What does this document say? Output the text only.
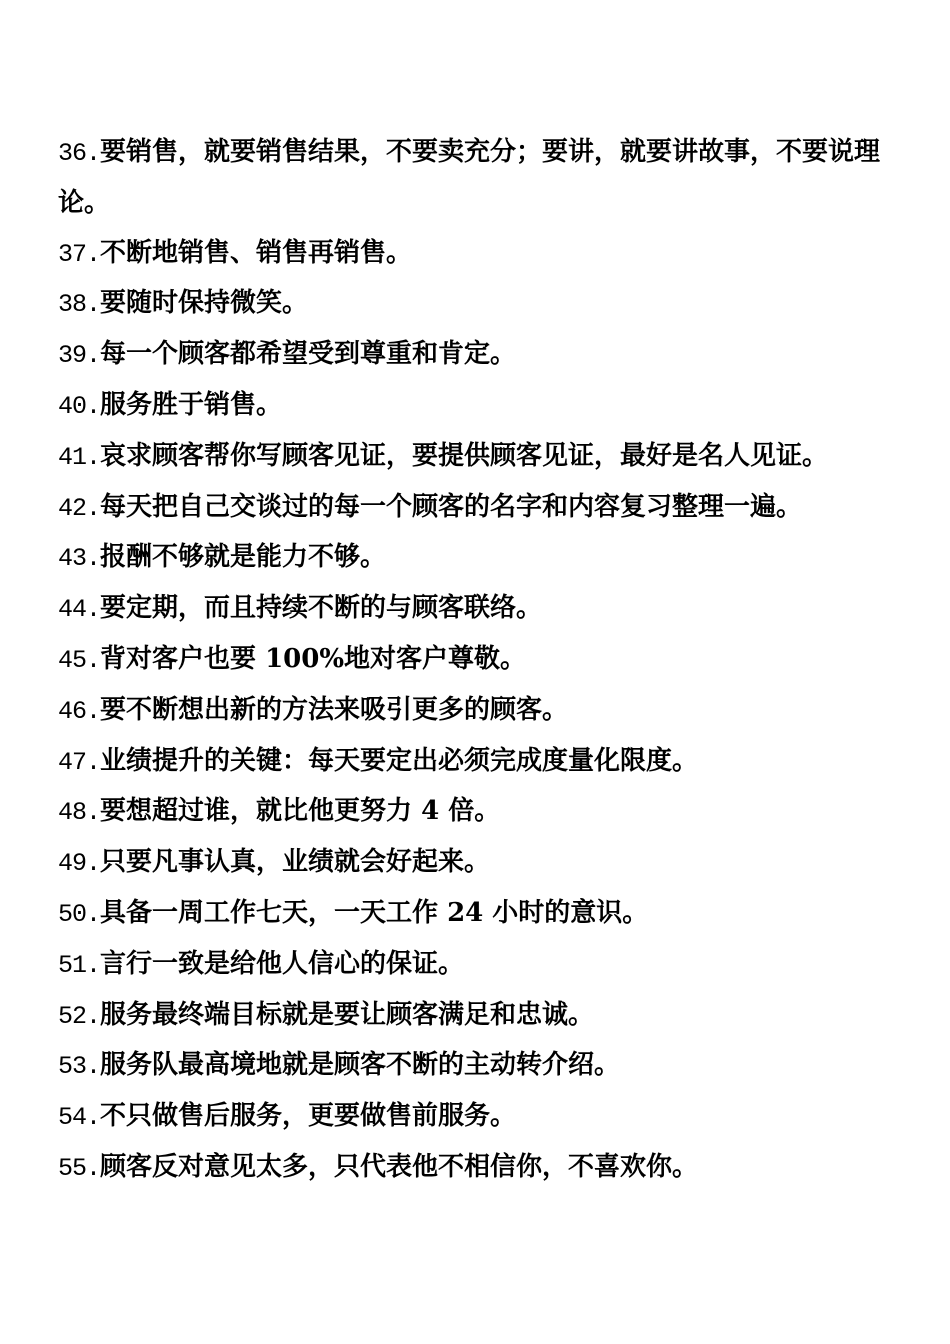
36.要销售，就要销售结果，不要卖充分；要讲，就要讲故事，不要说理论。

37.不断地销售、销售再销售。

38.要随时保持微笑。

39.每一个顾客都希望受到尊重和肯定。

40.服务胜于销售。

41.哀求顾客帮你写顾客见证，要提供顾客见证，最好是名人见证。

42.每天把自己交谈过的每一个顾客的名字和内容复习整理一遍。

43.报酬不够就是能力不够。

44.要定期，而且持续不断的与顾客联络。

45.背对客户也要 100%地对客户尊敬。

46.要不断想出新的方法来吸引更多的顾客。

47.业绩提升的关键：每天要定出必须完成度量化限度。

48.要想超过谁，就比他更努力 4 倍。

49.只要凡事认真，业绩就会好起来。

50.具备一周工作七天，一天工作 24 小时的意识。

51.言行一致是给他人信心的保证。

52.服务最终端目标就是要让顾客满足和忠诚。

53.服务队最高境地就是顾客不断的主动转介绍。

54.不只做售后服务，更要做售前服务。

55.顾客反对意见太多，只代表他不相信你，不喜欢你。
